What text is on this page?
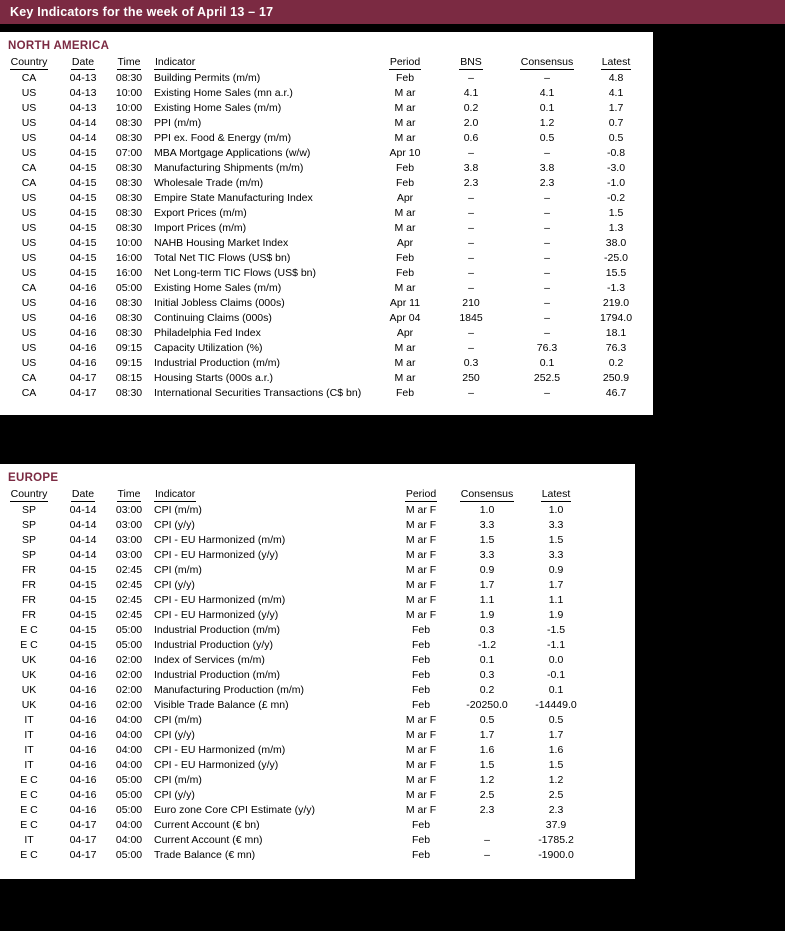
Key Indicators for the week of April 13 – 17
NORTH AMERICA
Country	Date	Time	Indicator	Period	BNS	Consensus	Latest
CA	04-13	08:30	Building Permits (m/m)	Feb	–	–	4.8
US	04-13	10:00	Existing Home Sales (mn a.r.)	M ar	4.1	4.1	4.1
US	04-13	10:00	Existing Home Sales (m/m)	M ar	0.2	0.1	1.7
US	04-14	08:30	PPI (m/m)	M ar	2.0	1.2	0.7
US	04-14	08:30	PPI ex. Food & Energy (m/m)	M ar	0.6	0.5	0.5
US	04-15	07:00	MBA Mortgage Applications (w/w)	Apr 10	–	–	-0.8
CA	04-15	08:30	Manufacturing Shipments (m/m)	Feb	3.8	3.8	-3.0
CA	04-15	08:30	Wholesale Trade (m/m)	Feb	2.3	2.3	-1.0
US	04-15	08:30	Empire State Manufacturing Index	Apr	–	–	-0.2
US	04-15	08:30	Export Prices (m/m)	M ar	–	–	1.5
US	04-15	08:30	Import Prices (m/m)	M ar	–	–	1.3
US	04-15	10:00	NAHB Housing Market Index	Apr	–	–	38.0
US	04-15	16:00	Total Net TIC Flows (US$ bn)	Feb	–	–	-25.0
US	04-15	16:00	Net Long-term TIC Flows (US$ bn)	Feb	–	–	15.5
CA	04-16	05:00	Existing Home Sales (m/m)	M ar	–	–	-1.3
US	04-16	08:30	Initial Jobless Claims (000s)	Apr 11	210	–	219.0
US	04-16	08:30	Continuing Claims (000s)	Apr 04	1845	–	1794.0
US	04-16	08:30	Philadelphia Fed Index	Apr	–	–	18.1
US	04-16	09:15	Capacity Utilization (%)	M ar	–	76.3	76.3
US	04-16	09:15	Industrial Production (m/m)	M ar	0.3	0.1	0.2
CA	04-17	08:15	Housing Starts (000s a.r.)	M ar	250	252.5	250.9
CA	04-17	08:30	International Securities Transactions (C$ bn)	Feb	–	–	46.7
EUROPE
Country	Date	Time	Indicator	Period	Consensus	Latest
SP	04-14	03:00	CPI (m/m)	M ar F	1.0	1.0
SP	04-14	03:00	CPI (y/y)	M ar F	3.3	3.3
SP	04-14	03:00	CPI - EU Harmonized (m/m)	M ar F	1.5	1.5
SP	04-14	03:00	CPI - EU Harmonized (y/y)	M ar F	3.3	3.3
FR	04-15	02:45	CPI (m/m)	M ar F	0.9	0.9
FR	04-15	02:45	CPI (y/y)	M ar F	1.7	1.7
FR	04-15	02:45	CPI - EU Harmonized (m/m)	M ar F	1.1	1.1
FR	04-15	02:45	CPI - EU Harmonized (y/y)	M ar F	1.9	1.9
E C	04-15	05:00	Industrial Production (m/m)	Feb	0.3	-1.5
E C	04-15	05:00	Industrial Production (y/y)	Feb	-1.2	-1.1
UK	04-16	02:00	Index of Services (m/m)	Feb	0.1	0.0
UK	04-16	02:00	Industrial Production (m/m)	Feb	0.3	-0.1
UK	04-16	02:00	Manufacturing Production (m/m)	Feb	0.2	0.1
UK	04-16	02:00	Visible Trade Balance (£ mn)	Feb	-20250.0	-14449.0
IT	04-16	04:00	CPI (m/m)	M ar F	0.5	0.5
IT	04-16	04:00	CPI (y/y)	M ar F	1.7	1.7
IT	04-16	04:00	CPI - EU Harmonized (m/m)	M ar F	1.6	1.6
IT	04-16	04:00	CPI - EU Harmonized (y/y)	M ar F	1.5	1.5
E C	04-16	05:00	CPI (m/m)	M ar F	1.2	1.2
E C	04-16	05:00	CPI (y/y)	M ar F	2.5	2.5
E C	04-16	05:00	Euro zone Core CPI Estimate (y/y)	M ar F	2.3	2.3
E C	04-17	04:00	Current Account (€ bn)	Feb		37.9
IT	04-17	04:00	Current Account (€ mn)	Feb	–	-1785.2
E C	04-17	05:00	Trade Balance (€ mn)	Feb	–	-1900.0
